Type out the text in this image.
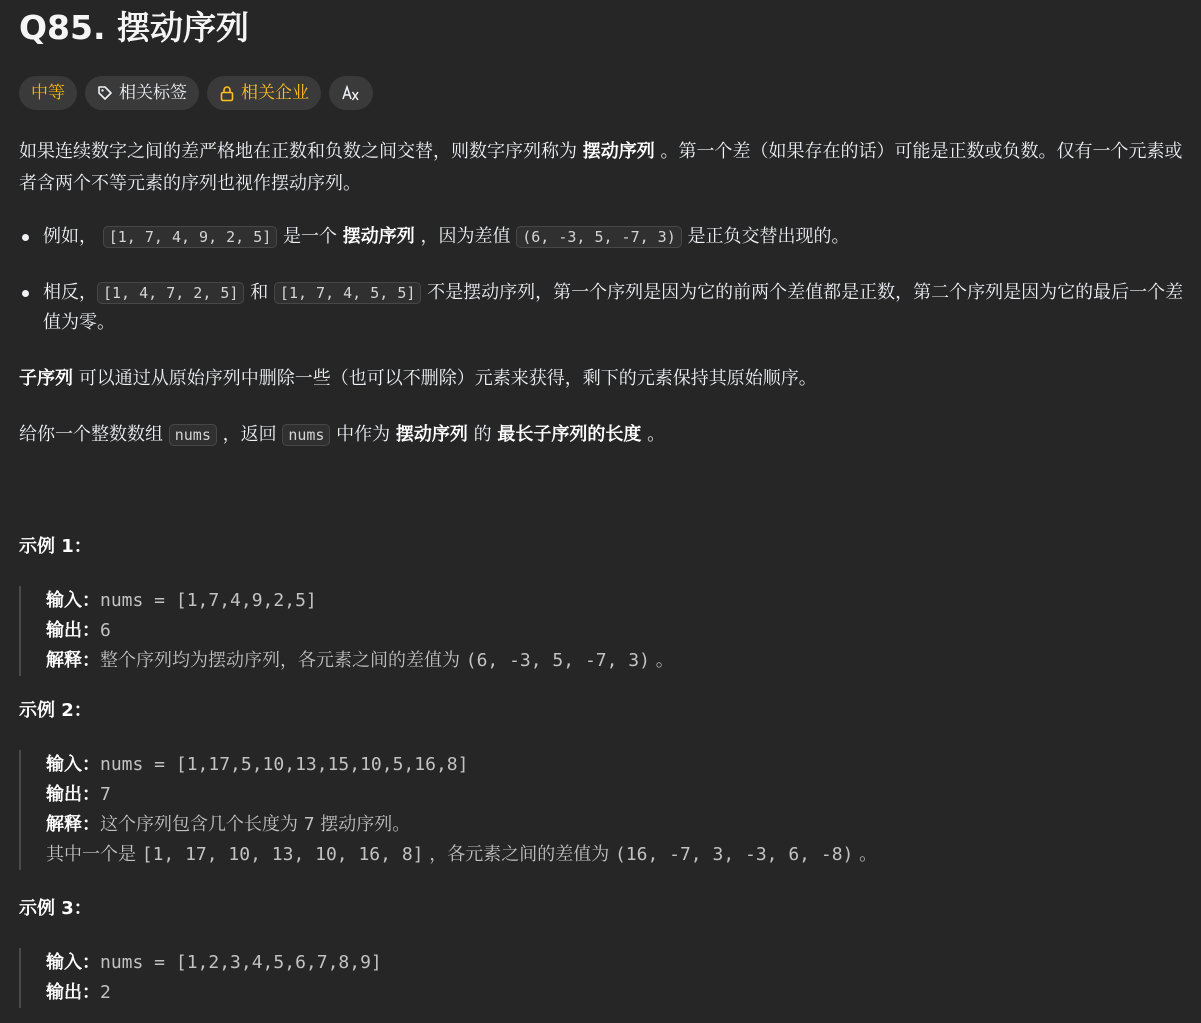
Q85. 摆动序列
中等	相关标签	相关企业

如果连续数字之间的差严格地在正数和负数之间交替，则数字序列称为 摆动序列 。第一个差（如果存在的话）可能是正数或负数。仅有一个元素或者含两个不等元素的序列也视作摆动序列。

例如， [1, 7, 4, 9, 2, 5] 是一个 摆动序列 ，因为差值 (6, -3, 5, -7, 3) 是正负交替出现的。
相反， [1, 4, 7, 2, 5] 和 [1, 7, 4, 5, 5] 不是摆动序列，第一个序列是因为它的前两个差值都是正数，第二个序列是因为它的最后一个差值为零。

子序列 可以通过从原始序列中删除一些（也可以不删除）元素来获得，剩下的元素保持其原始顺序。

给你一个整数数组 nums ，返回 nums 中作为 摆动序列 的 最长子序列的长度 。

示例 1：

输入：nums = [1,7,4,9,2,5]
输出：6
解释：整个序列均为摆动序列，各元素之间的差值为 (6, -3, 5, -7, 3) 。

示例 2：

输入：nums = [1,17,5,10,13,15,10,5,16,8]
输出：7
解释：这个序列包含几个长度为 7 摆动序列。
其中一个是 [1, 17, 10, 13, 10, 16, 8] ，各元素之间的差值为 (16, -7, 3, -3, 6, -8) 。

示例 3：

输入：nums = [1,2,3,4,5,6,7,8,9]
输出：2
